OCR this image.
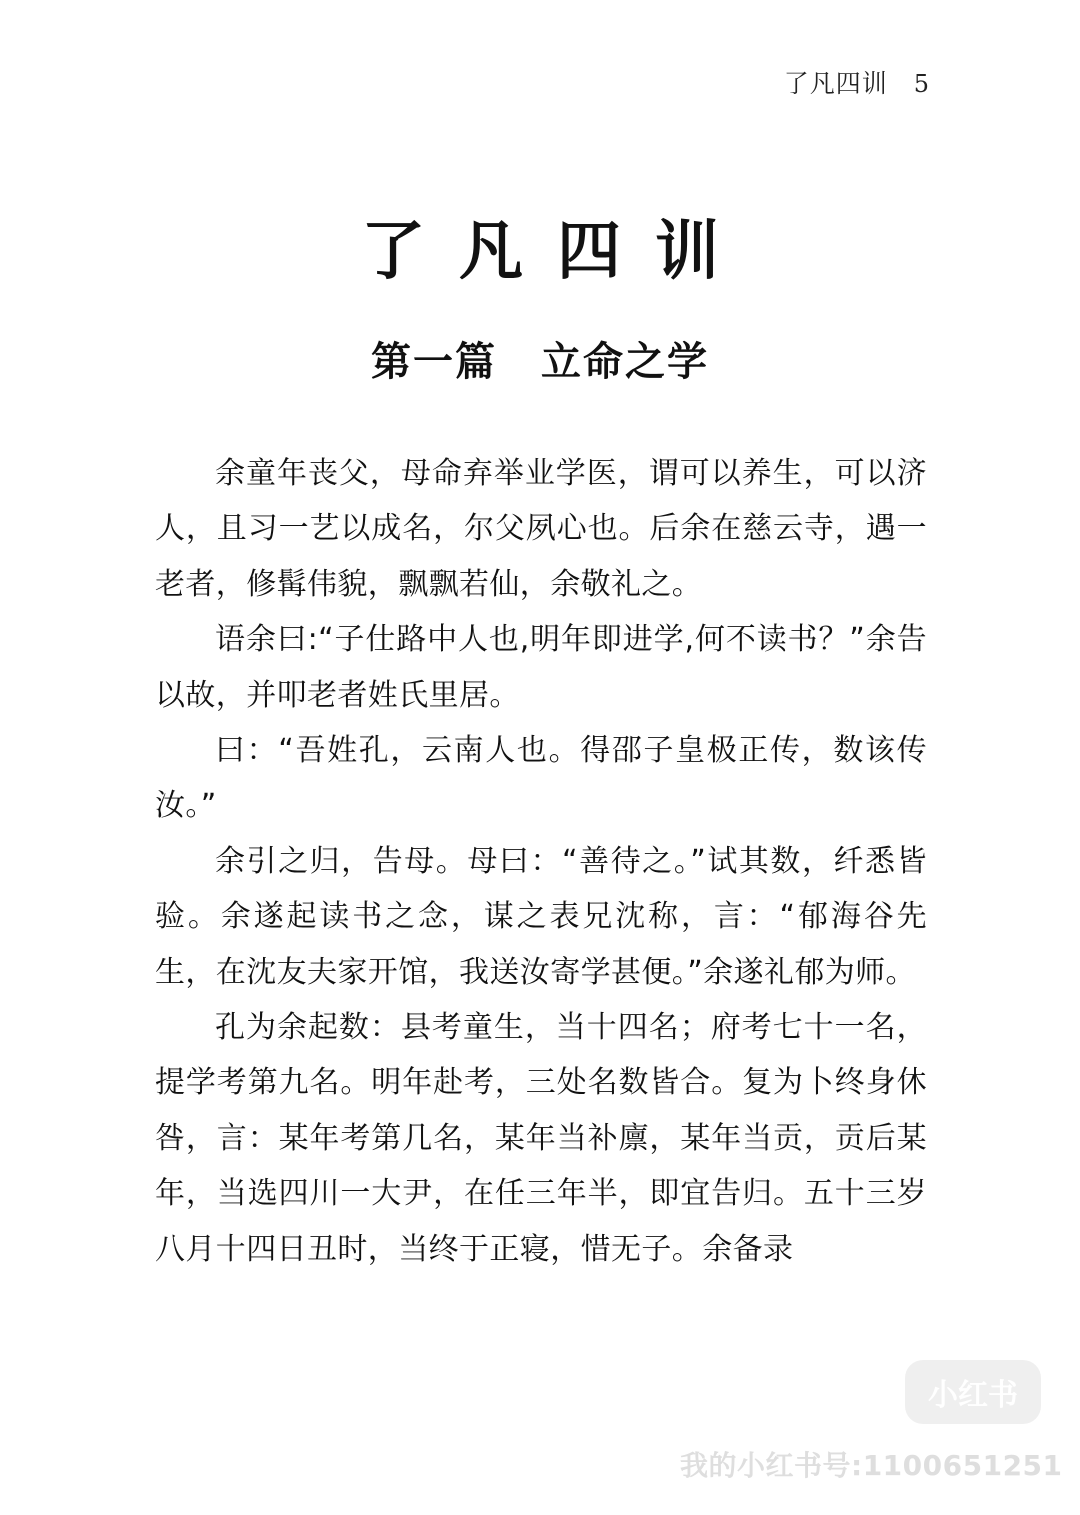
了凡四训 5
了凡四训
第一篇 立命之学

余童年丧父，母命弃举业学医，谓可以养生，可以济人，且习一艺以成名，尔父夙心也。后余在慈云寺，遇一老者，修髯伟貌，飘飘若仙，余敬礼之。

语余曰:“子仕路中人也,明年即进学,何不读书？”余告以故，并叩老者姓氏里居。

曰：“吾姓孔，云南人也。得邵子皇极正传，数该传汝。”

余引之归，告母。母曰：“善待之。”试其数，纤悉皆验。余遂起读书之念，谋之表兄沈称，言：“郁海谷先生，在沈友夫家开馆，我送汝寄学甚便。”余遂礼郁为师。

孔为余起数：县考童生，当十四名；府考七十一名，提学考第九名。明年赴考，三处名数皆合。复为卜终身休咎，言：某年考第几名，某年当补廪，某年当贡，贡后某年，当选四川一大尹，在任三年半，即宜告归。五十三岁八月十四日丑时，当终于正寝，惜无子。余备录

小红书
我的小红书号:1100651251
